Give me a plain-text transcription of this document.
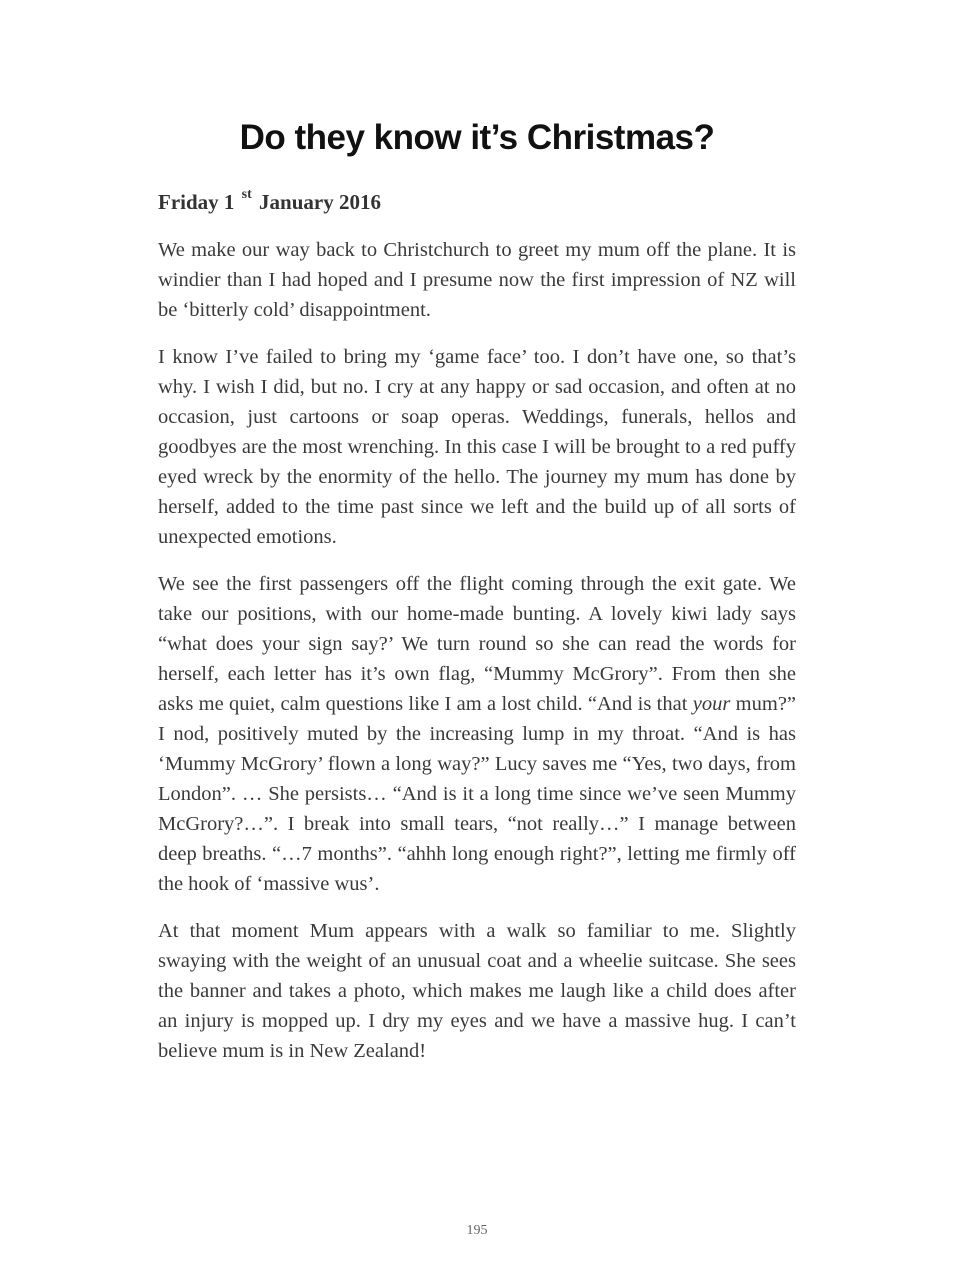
Do they know it’s Christmas?

Friday 1 $^{st}$ January 2016

We make our way back to Christchurch to greet my mum off the plane. It is windier than I had hoped and I presume now the first impression of NZ will be ‘bitterly cold’ disappointment.

I know I’ve failed to bring my ‘game face’ too. I don’t have one, so that’s why. I wish I did, but no. I cry at any happy or sad occasion, and often at no occasion, just cartoons or soap operas. Weddings, funerals, hellos and goodbyes are the most wrenching. In this case I will be brought to a red puffy eyed wreck by the enormity of the hello. The journey my mum has done by herself, added to the time past since we left and the build up of all sorts of unexpected emotions.

We see the first passengers off the flight coming through the exit gate. We take our positions, with our home-made bunting. A lovely kiwi lady says “what does your sign say?’ We turn round so she can read the words for herself, each letter has it’s own flag, “Mummy McGrory”. From then she asks me quiet, calm questions like I am a lost child. “And is that your mum?” I nod, positively muted by the increasing lump in my throat. “And is has ‘Mummy McGrory’ flown a long way?” Lucy saves me “Yes, two days, from London”. … She persists… “And is it a long time since we’ve seen Mummy McGrory?…”. I break into small tears, “not really…” I manage between deep breaths. “…7 months”. “ahhh long enough right?”, letting me firmly off the hook of ‘massive wus’.

At that moment Mum appears with a walk so familiar to me. Slightly swaying with the weight of an unusual coat and a wheelie suitcase. She sees the banner and takes a photo, which makes me laugh like a child does after an injury is mopped up. I dry my eyes and we have a massive hug. I can’t believe mum is in New Zealand!

195
